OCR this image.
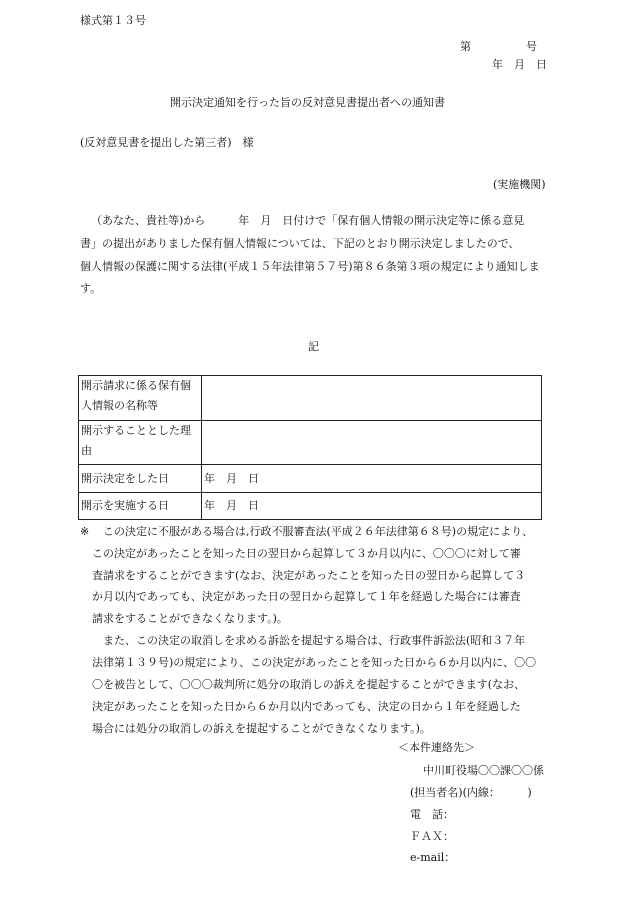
様式第１３号
第　　　　　号
年　月　日
開示決定通知を行った旨の反対意見書提出者への通知書
(反対意見書を提出した第三者)　様
(実施機関)
（あなた、貴社等)から　　　年　月　日付けで「保有個人情報の開示決定等に係る意見
書」の提出がありました保有個人情報については、下記のとおり開示決定しましたので、
個人情報の保護に関する法律(平成１５年法律第５７号)第８６条第３項の規定により通知しま
す。
記
開示請求に係る保有個人情報の名称等	
開示することとした理由	
開示決定をした日	年　月　日
開示を実施する日	年　月　日
※ この決定に不服がある場合は,行政不服審査法(平成２６年法律第６８号)の規定により、
この決定があったことを知った日の翌日から起算して３か月以内に、〇〇〇に対して審
査請求をすることができます(なお、決定があったことを知った日の翌日から起算して３
か月以内であっても、決定があった日の翌日から起算して１年を経過した場合には審査
請求をすることができなくなります。)。
また、この決定の取消しを求める訴訟を提起する場合は、行政事件訴訟法(昭和３７年
法律第１３９号)の規定により、この決定があったことを知った日から６か月以内に、〇〇
〇を被告として、〇〇〇裁判所に処分の取消しの訴えを提起することができます(なお、
決定があったことを知った日から６か月以内であっても、決定の日から１年を経過した
場合には処分の取消しの訴えを提起することができなくなります。)。
＜本件連絡先＞
中川町役場〇〇課〇〇係
(担当者名)(内線：　　　)
電　話：
ＦＡＸ：
e-mail：
